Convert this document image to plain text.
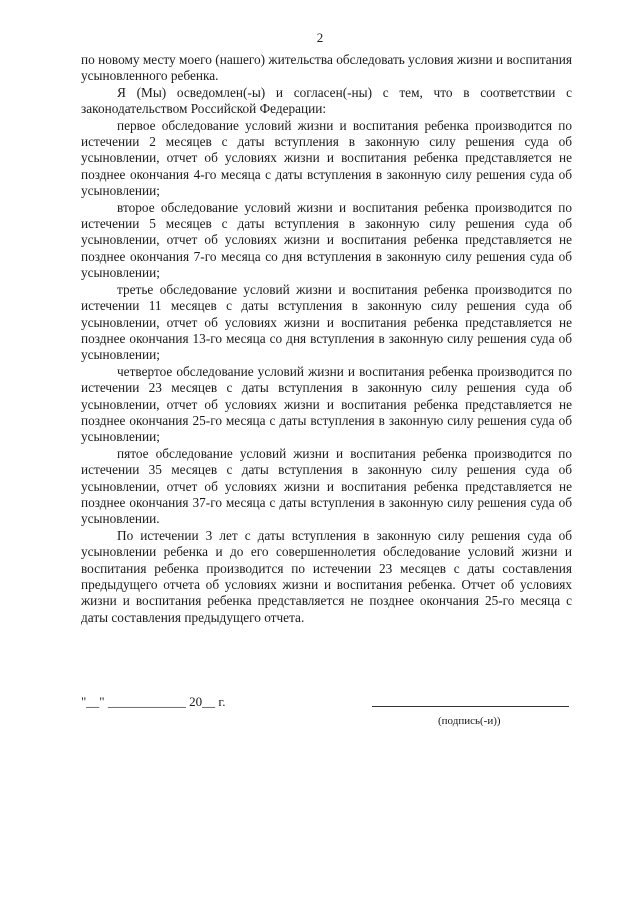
2

по новому месту моего (нашего) жительства обследовать условия жизни и воспитания усыновленного ребенка.

Я (Мы) осведомлен(-ы) и согласен(-ны) с тем, что в соответствии с законодательством Российской Федерации:

первое обследование условий жизни и воспитания ребенка производится по истечении 2 месяцев с даты вступления в законную силу решения суда об усыновлении, отчет об условиях жизни и воспитания ребенка представляется не позднее окончания 4-го месяца с даты вступления в законную силу решения суда об усыновлении;

второе обследование условий жизни и воспитания ребенка производится по истечении 5 месяцев с даты вступления в законную силу решения суда об усыновлении, отчет об условиях жизни и воспитания ребенка представляется не позднее окончания 7-го месяца со дня вступления в законную силу решения суда об усыновлении;

третье обследование условий жизни и воспитания ребенка производится по истечении 11 месяцев с даты вступления в законную силу решения суда об усыновлении, отчет об условиях жизни и воспитания ребенка представляется не позднее окончания 13-го месяца со дня вступления в законную силу решения суда об усыновлении;

четвертое обследование условий жизни и воспитания ребенка производится по истечении 23 месяцев с даты вступления в законную силу решения суда об усыновлении, отчет об условиях жизни и воспитания ребенка представляется не позднее окончания 25-го месяца с даты вступления в законную силу решения суда об усыновлении;

пятое обследование условий жизни и воспитания ребенка производится по истечении 35 месяцев с даты вступления в законную силу решения суда об усыновлении, отчет об условиях жизни и воспитания ребенка представляется не позднее окончания 37-го месяца с даты вступления в законную силу решения суда об усыновлении.

По истечении 3 лет с даты вступления в законную силу решения суда об усыновлении ребенка и до его совершеннолетия обследование условий жизни и воспитания ребенка производится по истечении 23 месяцев с даты составления предыдущего отчета об условиях жизни и воспитания ребенка. Отчет об условиях жизни и воспитания ребенка представляется не позднее окончания 25-го месяца с даты составления предыдущего отчета.

"__" ____________ 20__ г.
(подпись(-и))
